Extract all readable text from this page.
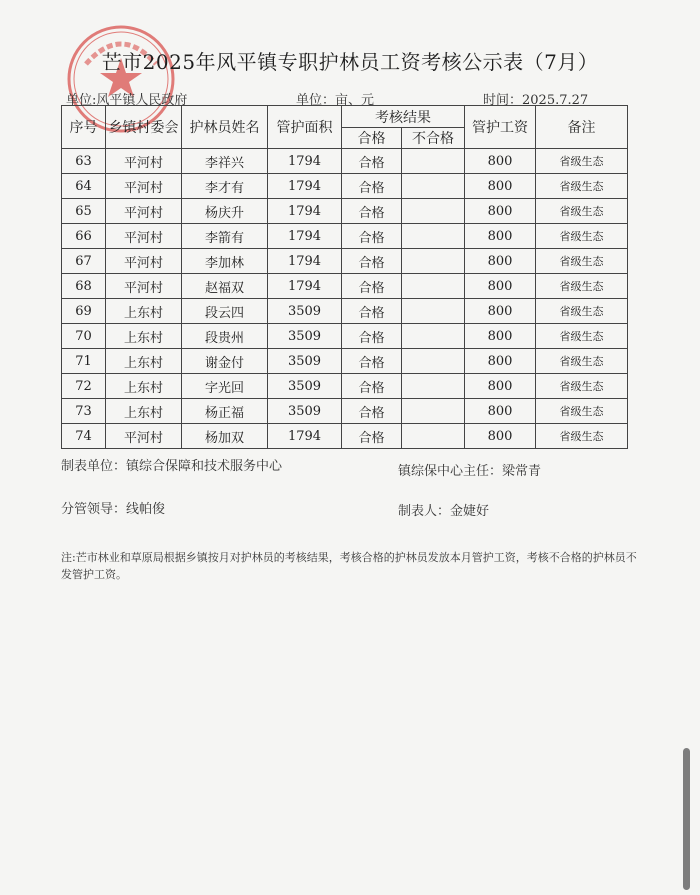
芒市2025年风平镇专职护林员工资考核公示表（7月）
单位:风平镇人民政府	单位：亩、元	时间：2025.7.27
序号	乡镇村委会	护林员姓名	管护面积	考核结果		管护工资	备注
				合格	不合格		
63	平河村	李祥兴	1794	合格		800	省级生态
64	平河村	李才有	1794	合格		800	省级生态
65	平河村	杨庆升	1794	合格		800	省级生态
66	平河村	李箭有	1794	合格		800	省级生态
67	平河村	李加林	1794	合格		800	省级生态
68	平河村	赵福双	1794	合格		800	省级生态
69	上东村	段云四	3509	合格		800	省级生态
70	上东村	段贵州	3509	合格		800	省级生态
71	上东村	谢金付	3509	合格		800	省级生态
72	上东村	字光回	3509	合格		800	省级生态
73	上东村	杨正福	3509	合格		800	省级生态
74	平河村	杨加双	1794	合格		800	省级生态
制表单位：镇综合保障和技术服务中心	镇综保中心主任：梁常青
分管领导：线帕俊	制表人：金婕好
注:芒市林业和草原局根据乡镇按月对护林员的考核结果，考核合格的护林员发放本月管护工资，考核不合格的护林员不发管护工资。
